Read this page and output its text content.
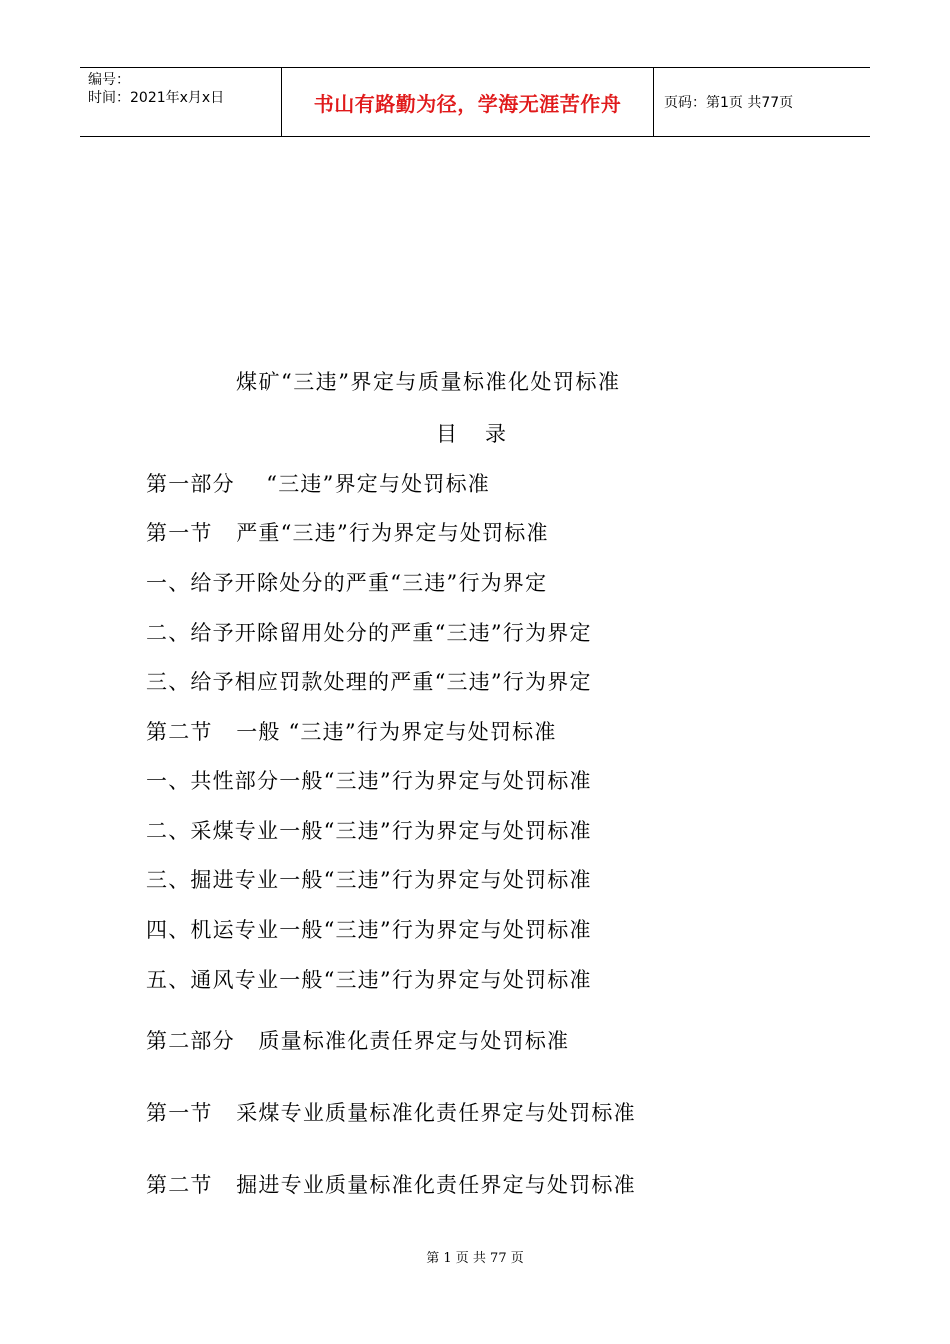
编号：
时间：2021年x月x日	书山有路勤为径，学海无涯苦作舟	页码：第1页 共77页
煤矿“三违”界定与质量标准化处罚标准
目 录
第一部分    “三违”界定与处罚标准
第一节   严重“三违”行为界定与处罚标准
一、给予开除处分的严重“三违”行为界定
二、给予开除留用处分的严重“三违”行为界定
三、给予相应罚款处理的严重“三违”行为界定
第二节   一般 “三违”行为界定与处罚标准
一、共性部分一般“三违”行为界定与处罚标准
二、采煤专业一般“三违”行为界定与处罚标准
三、掘进专业一般“三违”行为界定与处罚标准
四、机运专业一般“三违”行为界定与处罚标准
五、通风专业一般“三违”行为界定与处罚标准
第二部分   质量标准化责任界定与处罚标准
第一节   采煤专业质量标准化责任界定与处罚标准
第二节   掘进专业质量标准化责任界定与处罚标准
第 1 页 共 77 页
